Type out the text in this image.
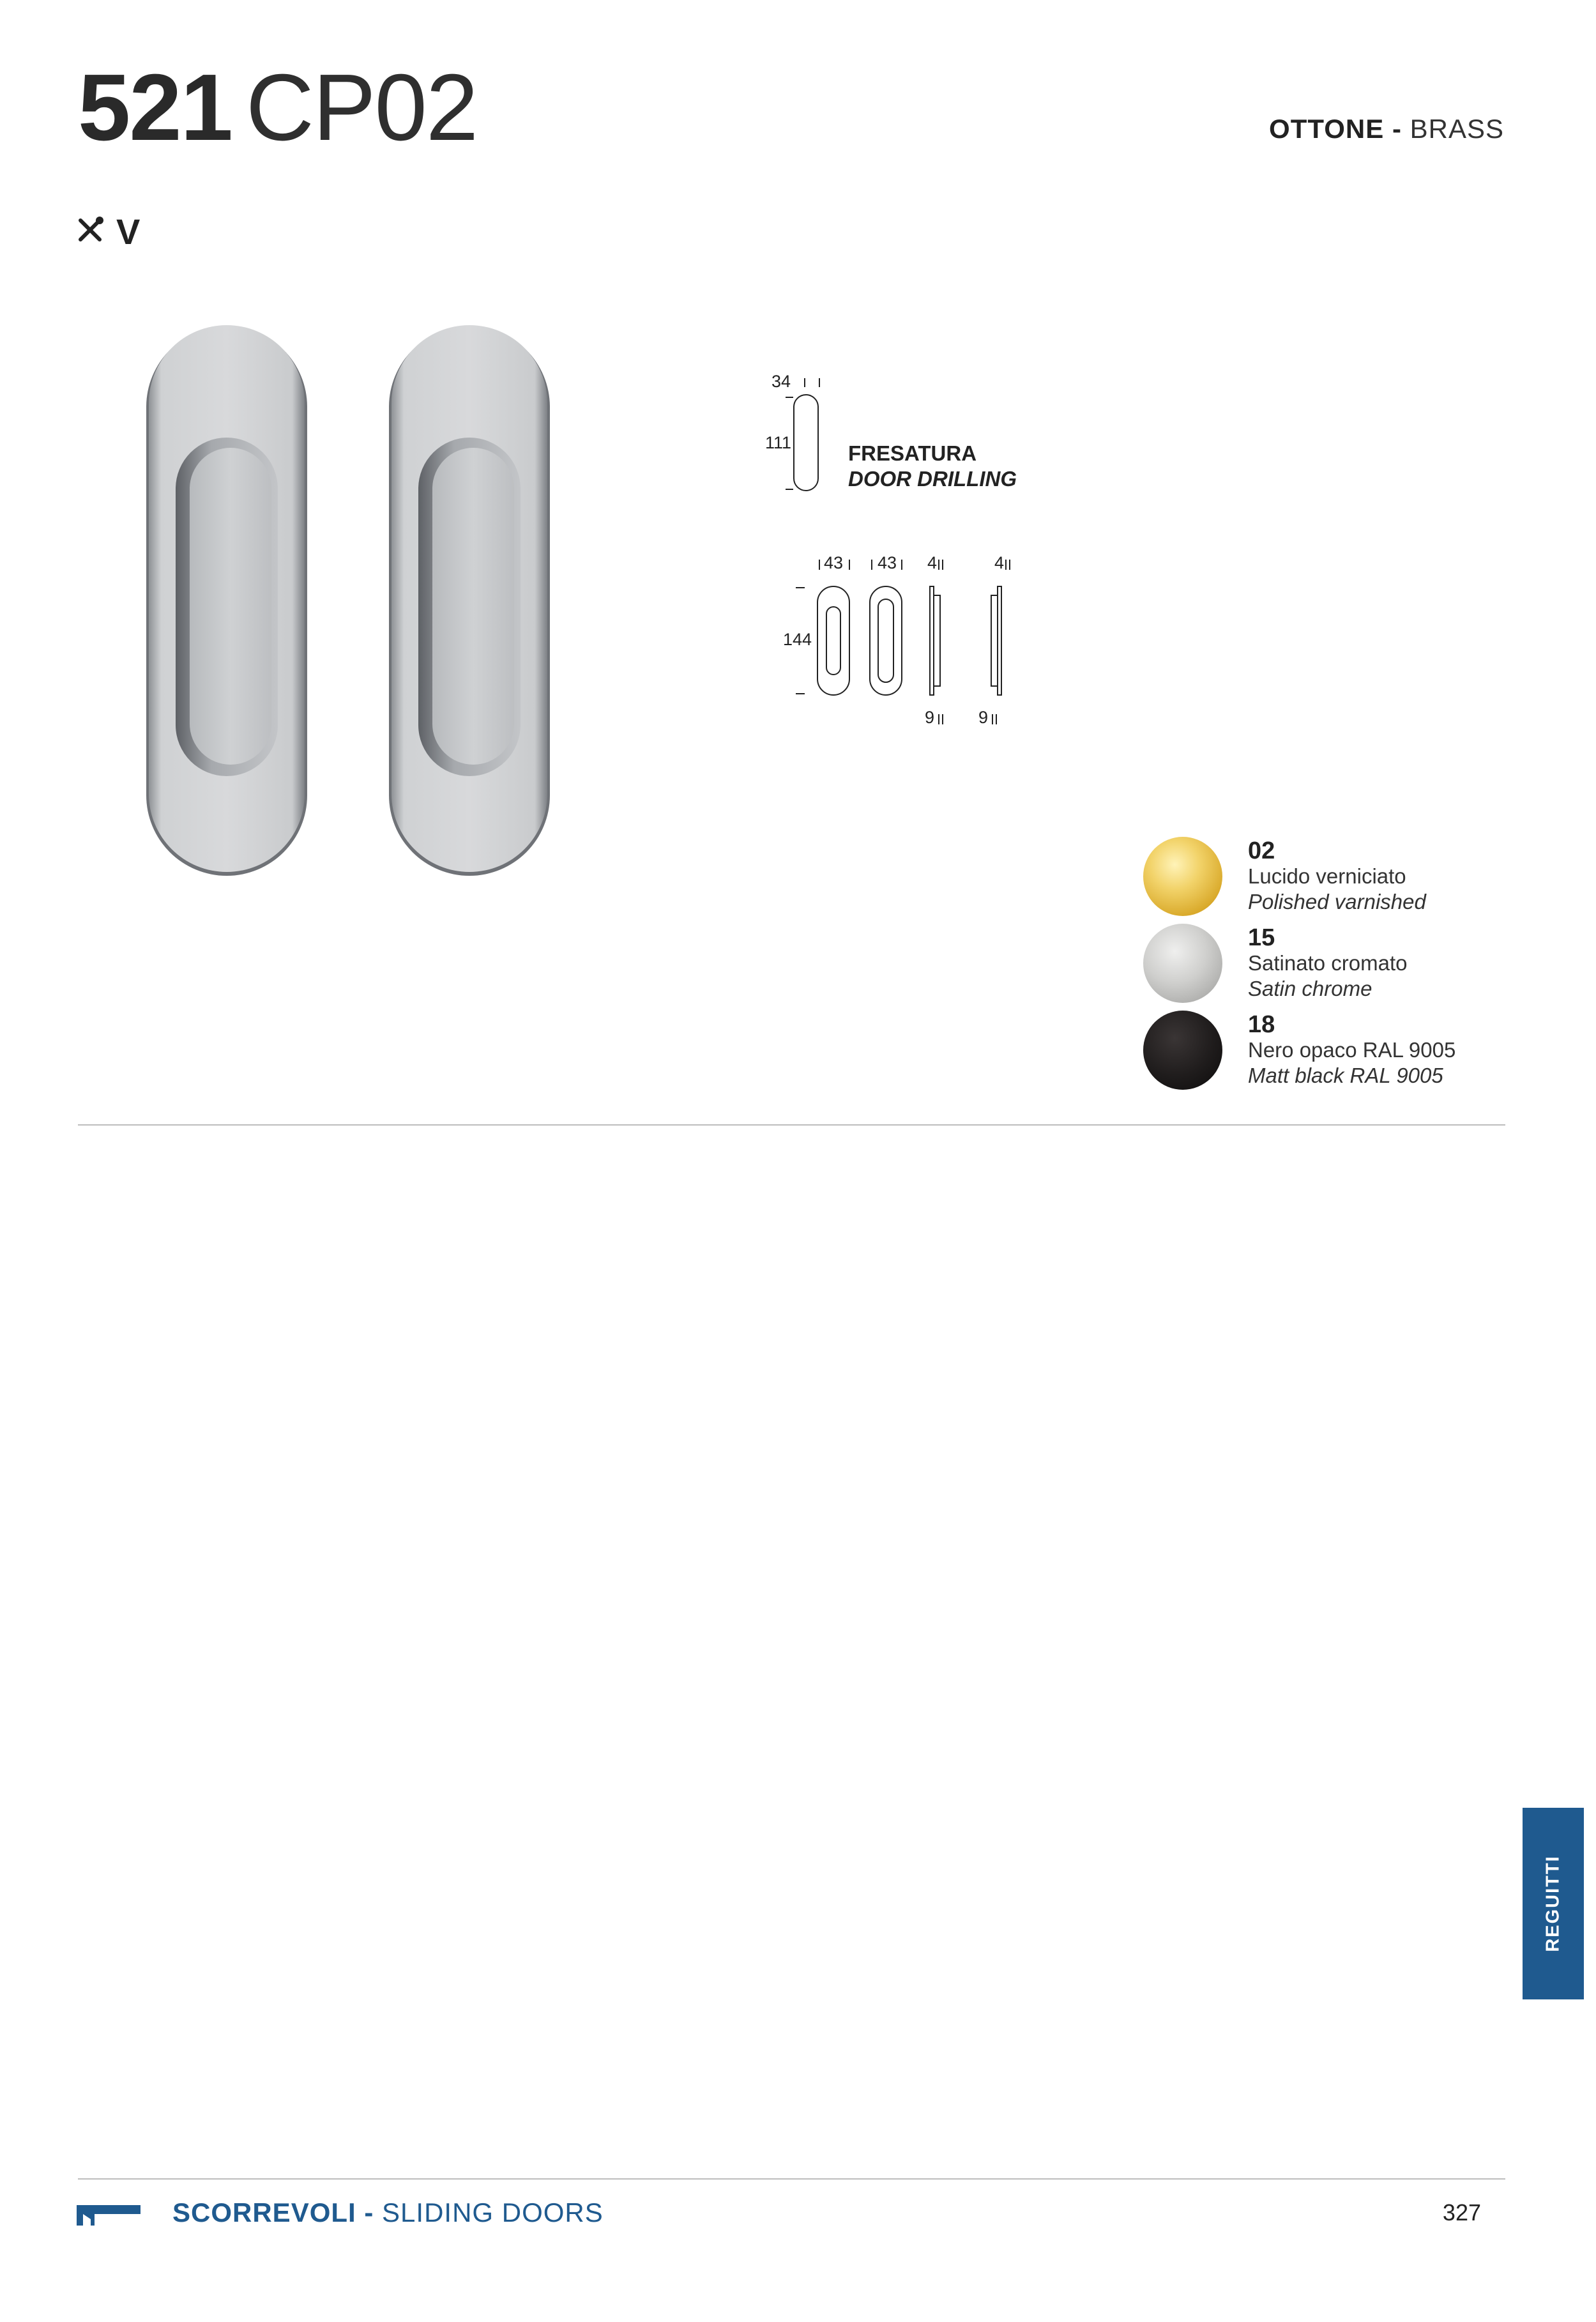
521 CP02	OTTONE - BRASS
V
34
111
43 43
144
4	4
9	9
FRESATURA
DOOR DRILLING
02
Lucido verniciato
Polished varnished
15
Satinato cromato
Satin chrome
18
Nero opaco RAL 9005
Matt black RAL 9005
REGUITTI
SCORREVOLI - SLIDING DOORS	327
